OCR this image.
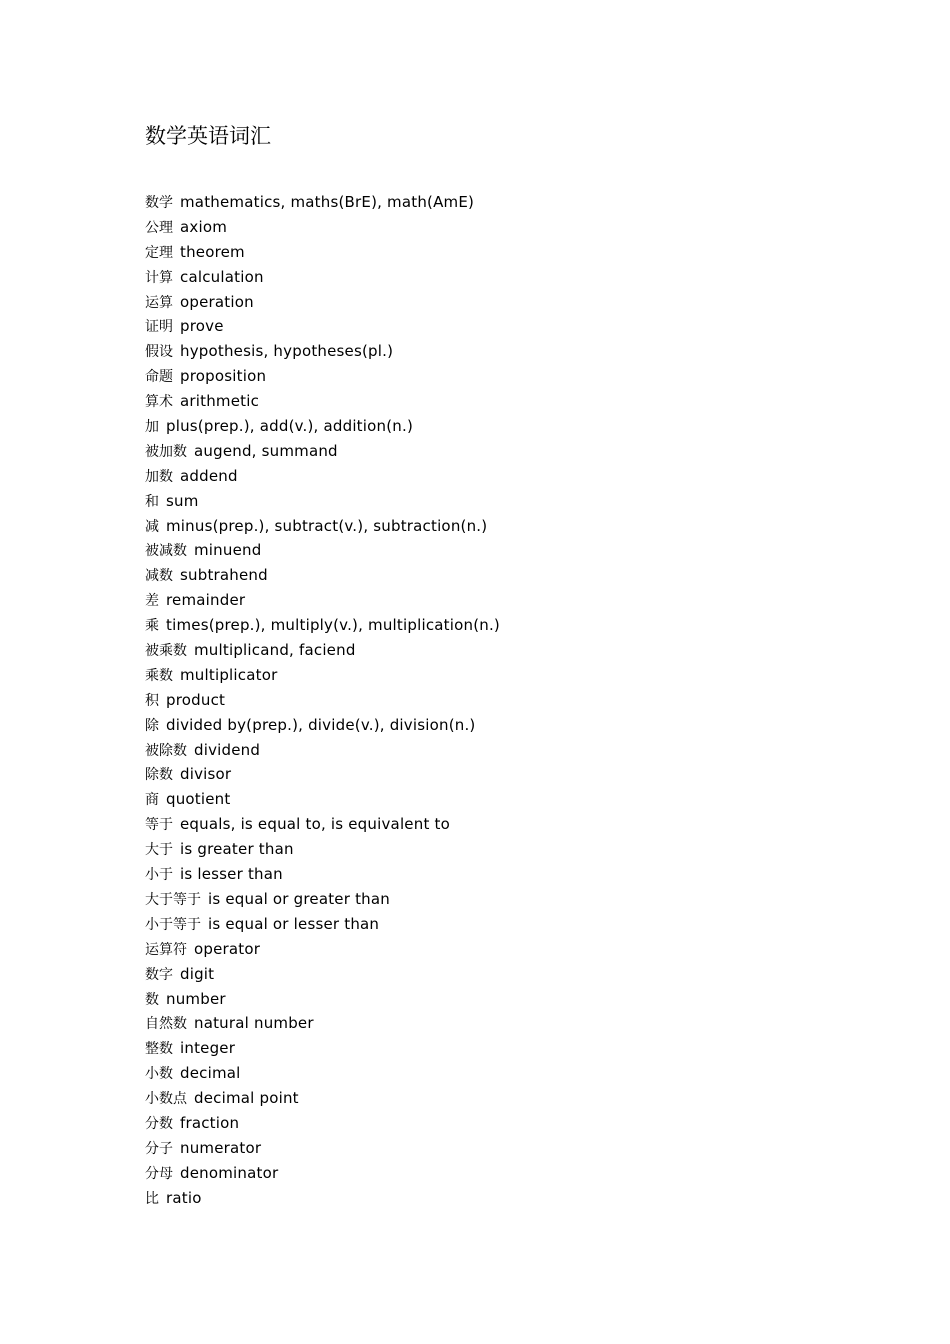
数学英语词汇
数学 mathematics, maths(BrE), math(AmE)
公理 axiom
定理 theorem
计算 calculation
运算 operation
证明 prove
假设 hypothesis, hypotheses(pl.)
命题 proposition
算术 arithmetic
加 plus(prep.), add(v.), addition(n.)
被加数 augend, summand
加数 addend
和 sum
减 minus(prep.), subtract(v.), subtraction(n.)
被减数 minuend
减数 subtrahend
差 remainder
乘 times(prep.), multiply(v.), multiplication(n.)
被乘数 multiplicand, faciend
乘数 multiplicator
积 product
除 divided by(prep.), divide(v.), division(n.)
被除数 dividend
除数 divisor
商 quotient
等于 equals, is equal to, is equivalent to
大于 is greater than
小于 is lesser than
大于等于 is equal or greater than
小于等于 is equal or lesser than
运算符 operator
数字 digit
数 number
自然数 natural number
整数 integer
小数 decimal
小数点 decimal point
分数 fraction
分子 numerator
分母 denominator
比 ratio
